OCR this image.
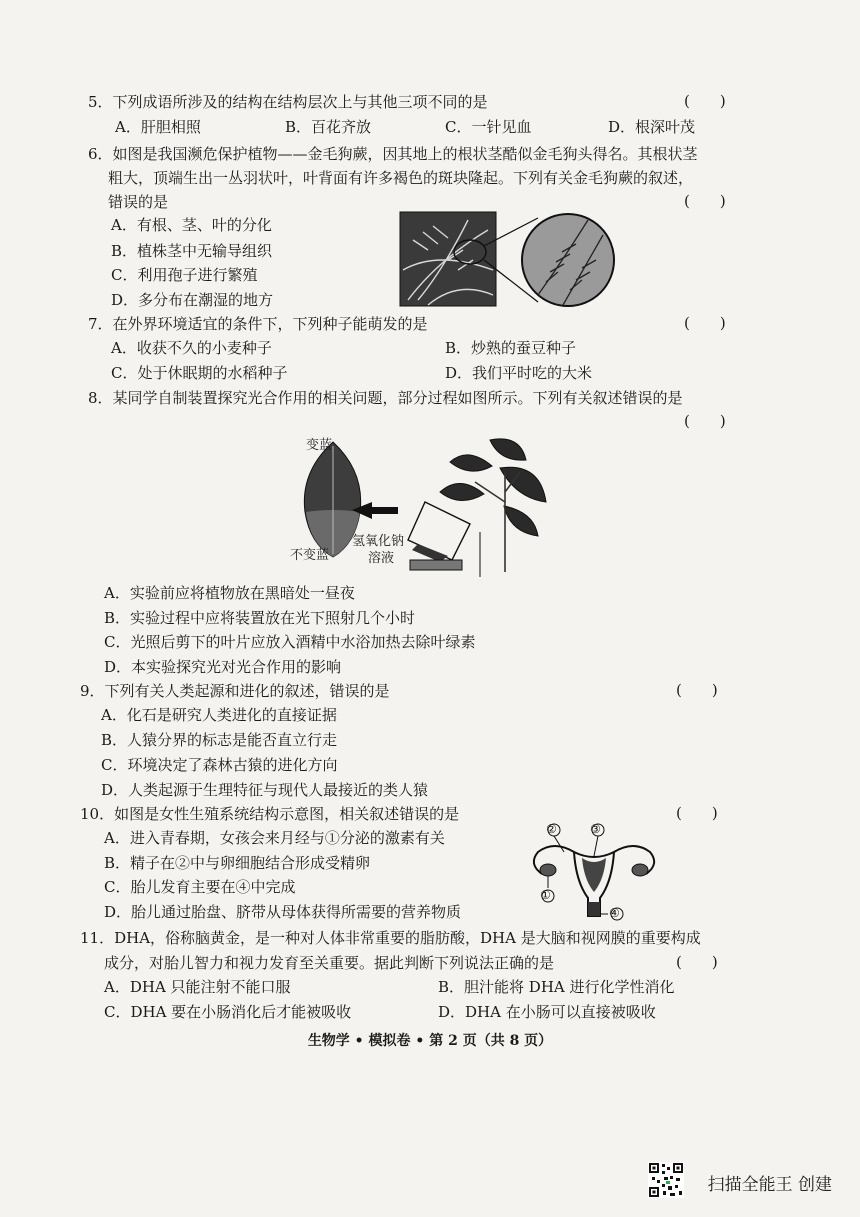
5．下列成语所涉及的结构在结构层次上与其他三项不同的是	(　　)
A．肝胆相照	B．百花齐放	C．一针见血	D．根深叶茂
6．如图是我国濒危保护植物——金毛狗蕨，因其地上的根状茎酷似金毛狗头得名。其根状茎
粗大，顶端生出一丛羽状叶，叶背面有许多褐色的斑块隆起。下列有关金毛狗蕨的叙述，
错误的是	(　　)
A．有根、茎、叶的分化
B．植株茎中无输导组织
C．利用孢子进行繁殖
D．多分布在潮湿的地方
7．在外界环境适宜的条件下，下列种子能萌发的是	(　　)
A．收获不久的小麦种子	B．炒熟的蚕豆种子
C．处于休眠期的水稻种子	D．我们平时吃的大米
8．某同学自制装置探究光合作用的相关问题，部分过程如图所示。下列有关叙述错误的是
(　　)
变蓝
不变蓝
氢氧化钠
溶液
A．实验前应将植物放在黑暗处一昼夜
B．实验过程中应将装置放在光下照射几个小时
C．光照后剪下的叶片应放入酒精中水浴加热去除叶绿素
D．本实验探究光对光合作用的影响
9．下列有关人类起源和进化的叙述，错误的是	(　　)
A．化石是研究人类进化的直接证据
B．人猿分界的标志是能否直立行走
C．环境决定了森林古猿的进化方向
D．人类起源于生理特征与现代人最接近的类人猿
10．如图是女性生殖系统结构示意图，相关叙述错误的是	(　　)
A．进入青春期，女孩会来月经与①分泌的激素有关
B．精子在②中与卵细胞结合形成受精卵
C．胎儿发育主要在④中完成
D．胎儿通过胎盘、脐带从母体获得所需要的营养物质
②	③
①
④
11．DHA，俗称脑黄金，是一种对人体非常重要的脂肪酸，DHA 是大脑和视网膜的重要构成
成分，对胎儿智力和视力发育至关重要。据此判断下列说法正确的是	(　　)
A．DHA 只能注射不能口服	B．胆汁能将 DHA 进行化学性消化
C．DHA 要在小肠消化后才能被吸收	D．DHA 在小肠可以直接被吸收
生物学 • 模拟卷 • 第 2 页（共 8 页）
扫描全能王 创建
